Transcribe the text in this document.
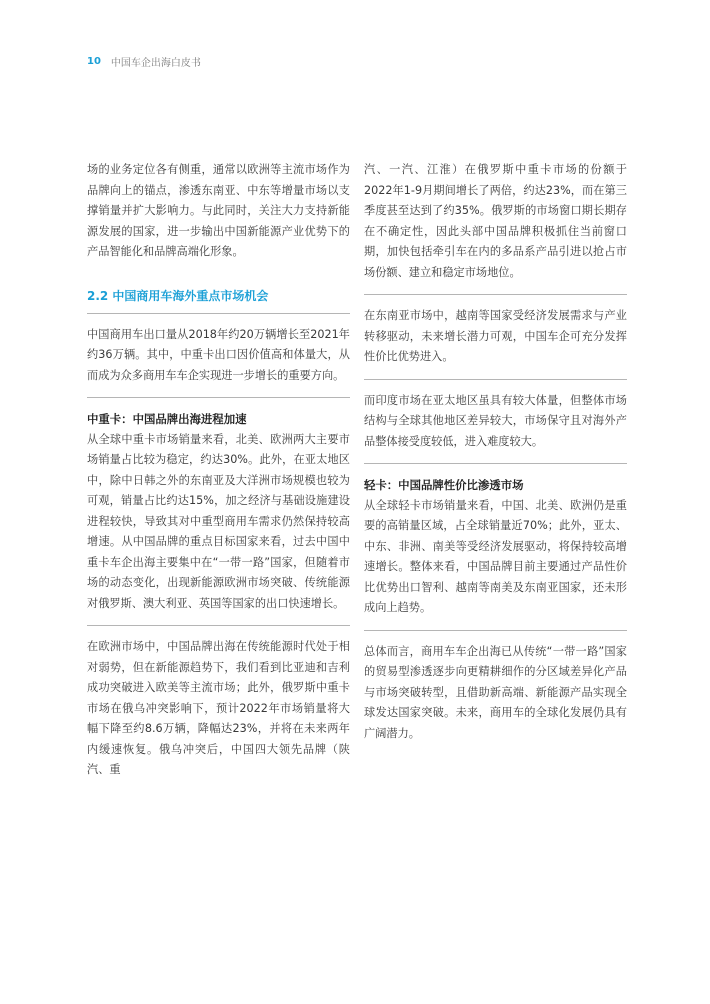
10 中国车企出海白皮书

场的业务定位各有侧重，通常以欧洲等主流市场作为品牌向上的锚点，渗透东南亚、中东等增量市场以支撑销量并扩大影响力。与此同时，关注大力支持新能源发展的国家，进一步输出中国新能源产业优势下的产品智能化和品牌高端化形象。

2.2 中国商用车海外重点市场机会

中国商用车出口量从2018年约20万辆增长至2021年约36万辆。其中，中重卡出口因价值高和体量大，从而成为众多商用车车企实现进一步增长的重要方向。

中重卡：中国品牌出海进程加速

从全球中重卡市场销量来看，北美、欧洲两大主要市场销量占比较为稳定，约达30%。此外，在亚太地区中，除中日韩之外的东南亚及大洋洲市场规模也较为可观，销量占比约达15%，加之经济与基础设施建设进程较快，导致其对中重型商用车需求仍然保持较高增速。从中国品牌的重点目标国家来看，过去中国中重卡车企出海主要集中在“一带一路”国家，但随着市场的动态变化，出现新能源欧洲市场突破、传统能源对俄罗斯、澳大利亚、英国等国家的出口快速增长。

在欧洲市场中，中国品牌出海在传统能源时代处于相对弱势，但在新能源趋势下，我们看到比亚迪和吉利成功突破进入欧美等主流市场；此外，俄罗斯中重卡市场在俄乌冲突影响下，预计2022年市场销量将大幅下降至约8.6万辆，降幅达23%，并将在未来两年内缓速恢复。俄乌冲突后，中国四大领先品牌（陕汽、重

汽、一汽、江淮）在俄罗斯中重卡市场的份额于2022年1-9月期间增长了两倍，约达23%，而在第三季度甚至达到了约35%。俄罗斯的市场窗口期长期存在不确定性，因此头部中国品牌积极抓住当前窗口期，加快包括牵引车在内的多品系产品引进以抢占市场份额、建立和稳定市场地位。

在东南亚市场中，越南等国家受经济发展需求与产业转移驱动，未来增长潜力可观，中国车企可充分发挥性价比优势进入。

而印度市场在亚太地区虽具有较大体量，但整体市场结构与全球其他地区差异较大，市场保守且对海外产品整体接受度较低，进入难度较大。

轻卡：中国品牌性价比渗透市场

从全球轻卡市场销量来看，中国、北美、欧洲仍是重要的高销量区域，占全球销量近70%；此外，亚太、中东、非洲、南美等受经济发展驱动，将保持较高增速增长。整体来看，中国品牌目前主要通过产品性价比优势出口智利、越南等南美及东南亚国家，还未形成向上趋势。

总体而言，商用车车企出海已从传统“一带一路”国家的贸易型渗透逐步向更精耕细作的分区域差异化产品与市场突破转型，且借助新高端、新能源产品实现全球发达国家突破。未来，商用车的全球化发展仍具有广阔潜力。
